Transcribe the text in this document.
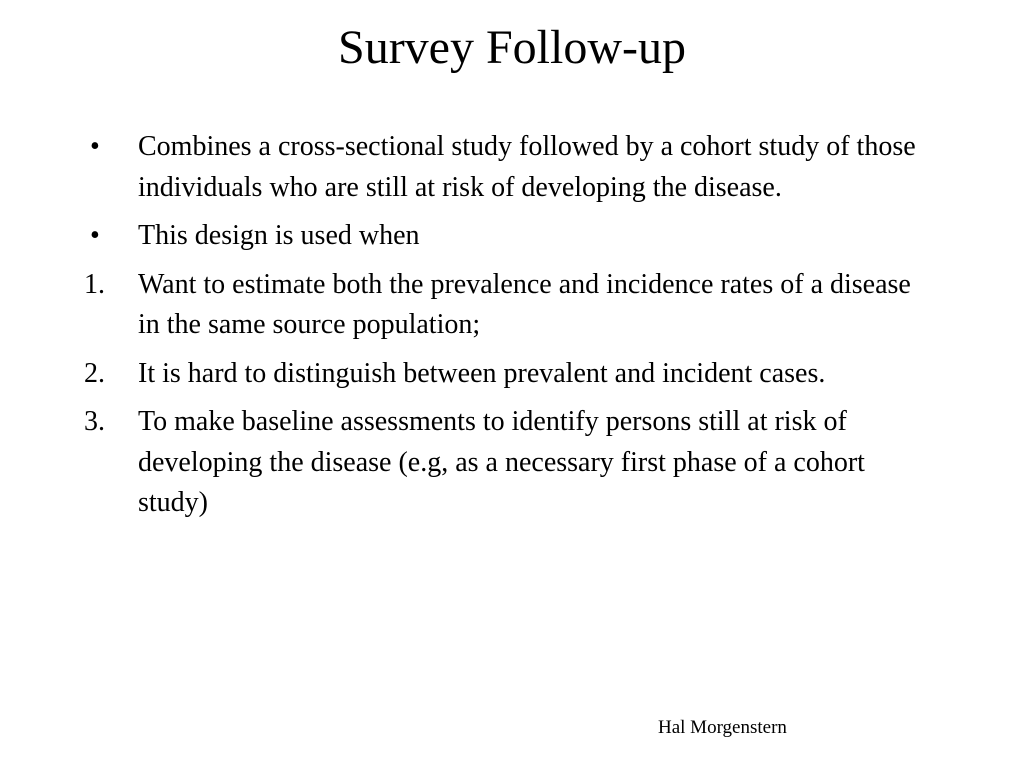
Survey Follow-up
•	Combines a cross-sectional study followed by a cohort study of those individuals who are still at risk of developing the disease.
•	This design is used when
1.	Want to estimate both the prevalence and incidence rates of a disease in the same source population;
2.	It is hard to distinguish between prevalent and incident cases.
3.	To make baseline assessments to identify persons still at risk of developing the disease (e.g, as a necessary first phase of a cohort study)
Hal Morgenstern
